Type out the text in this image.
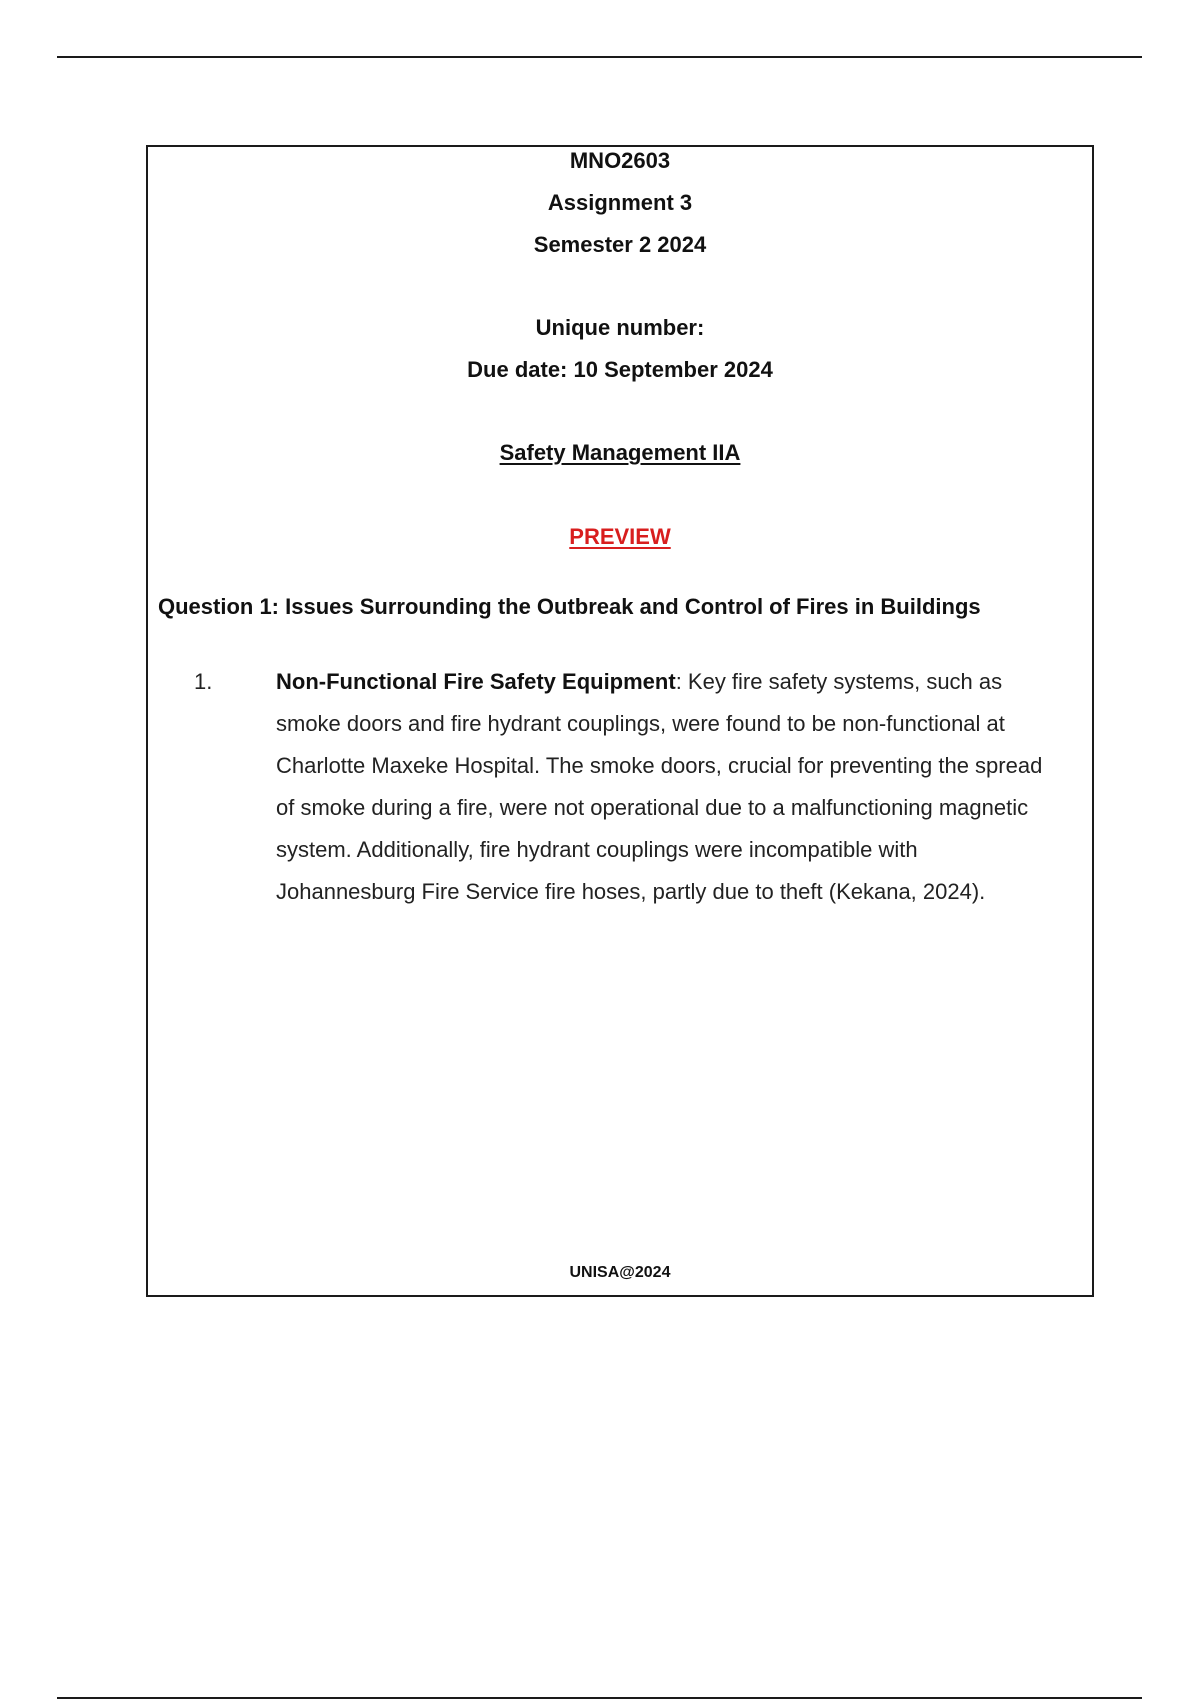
MNO2603
Assignment 3
Semester 2 2024
Unique number:
Due date: 10 September 2024
Safety Management IIA
PREVIEW
Question 1: Issues Surrounding the Outbreak and Control of Fires in Buildings
1.	Non-Functional Fire Safety Equipment: Key fire safety systems, such as
smoke doors and fire hydrant couplings, were found to be non-functional at
Charlotte Maxeke Hospital. The smoke doors, crucial for preventing the spread
of smoke during a fire, were not operational due to a malfunctioning magnetic
system. Additionally, fire hydrant couplings were incompatible with
Johannesburg Fire Service fire hoses, partly due to theft (Kekana, 2024).
UNISA@2024
